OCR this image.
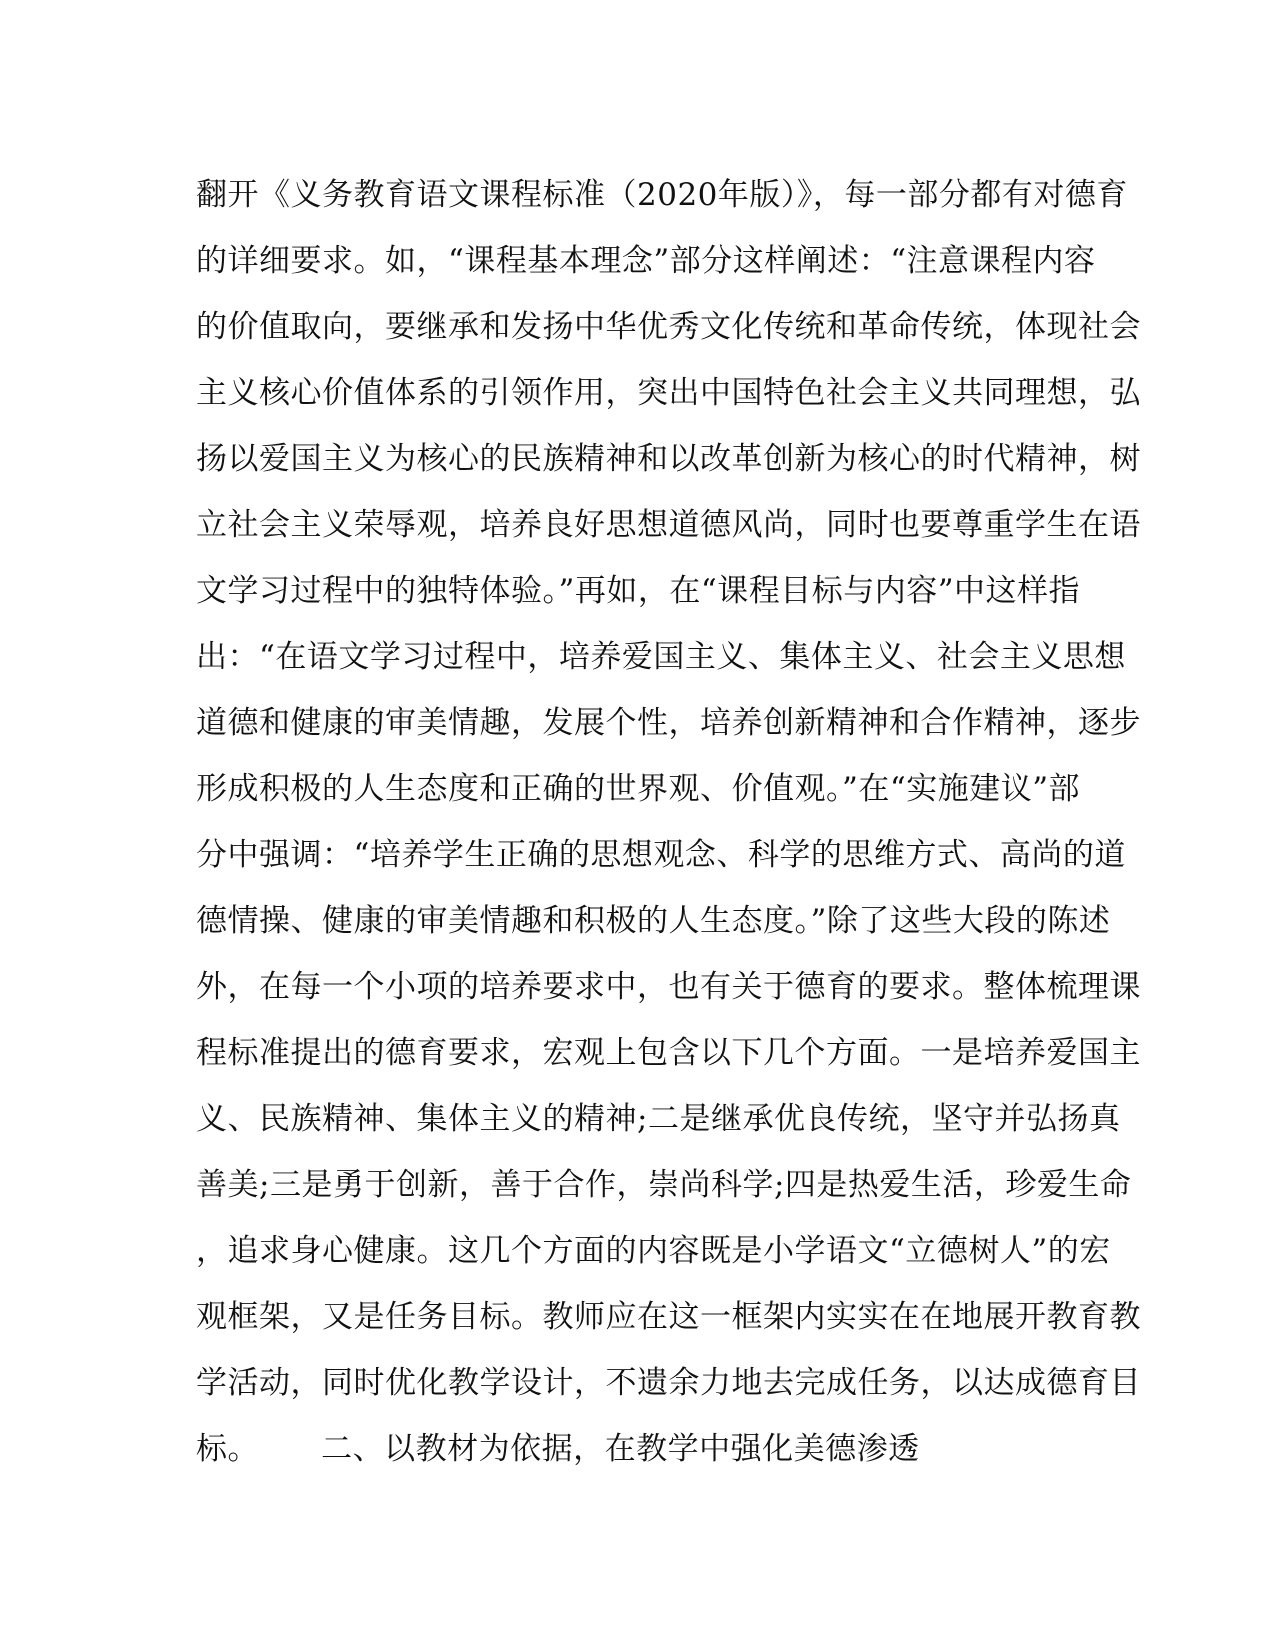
翻开《义务教育语文课程标准（2020年版）》，每一部分都有对德育
的详细要求。如，“课程基本理念”部分这样阐述：“注意课程内容
的价值取向，要继承和发扬中华优秀文化传统和革命传统，体现社会
主义核心价值体系的引领作用，突出中国特色社会主义共同理想，弘
扬以爱国主义为核心的民族精神和以改革创新为核心的时代精神，树
立社会主义荣辱观，培养良好思想道德风尚，同时也要尊重学生在语
文学习过程中的独特体验。”再如，在“课程目标与内容”中这样指
出：“在语文学习过程中，培养爱国主义、集体主义、社会主义思想
道德和健康的审美情趣，发展个性，培养创新精神和合作精神，逐步
形成积极的人生态度和正确的世界观、价值观。”在“实施建议”部
分中强调：“培养学生正确的思想观念、科学的思维方式、高尚的道
德情操、健康的审美情趣和积极的人生态度。”除了这些大段的陈述
外，在每一个小项的培养要求中，也有关于德育的要求。整体梳理课
程标准提出的德育要求，宏观上包含以下几个方面。一是培养爱国主
义、民族精神、集体主义的精神;二是继承优良传统，坚守并弘扬真
善美;三是勇于创新，善于合作，崇尚科学;四是热爱生活，珍爱生命
，追求身心健康。这几个方面的内容既是小学语文“立德树人”的宏
观框架，又是任务目标。教师应在这一框架内实实在在地展开教育教
学活动，同时优化教学设计，不遗余力地去完成任务，以达成德育目
标。      二、以教材为依据，在教学中强化美德渗透
